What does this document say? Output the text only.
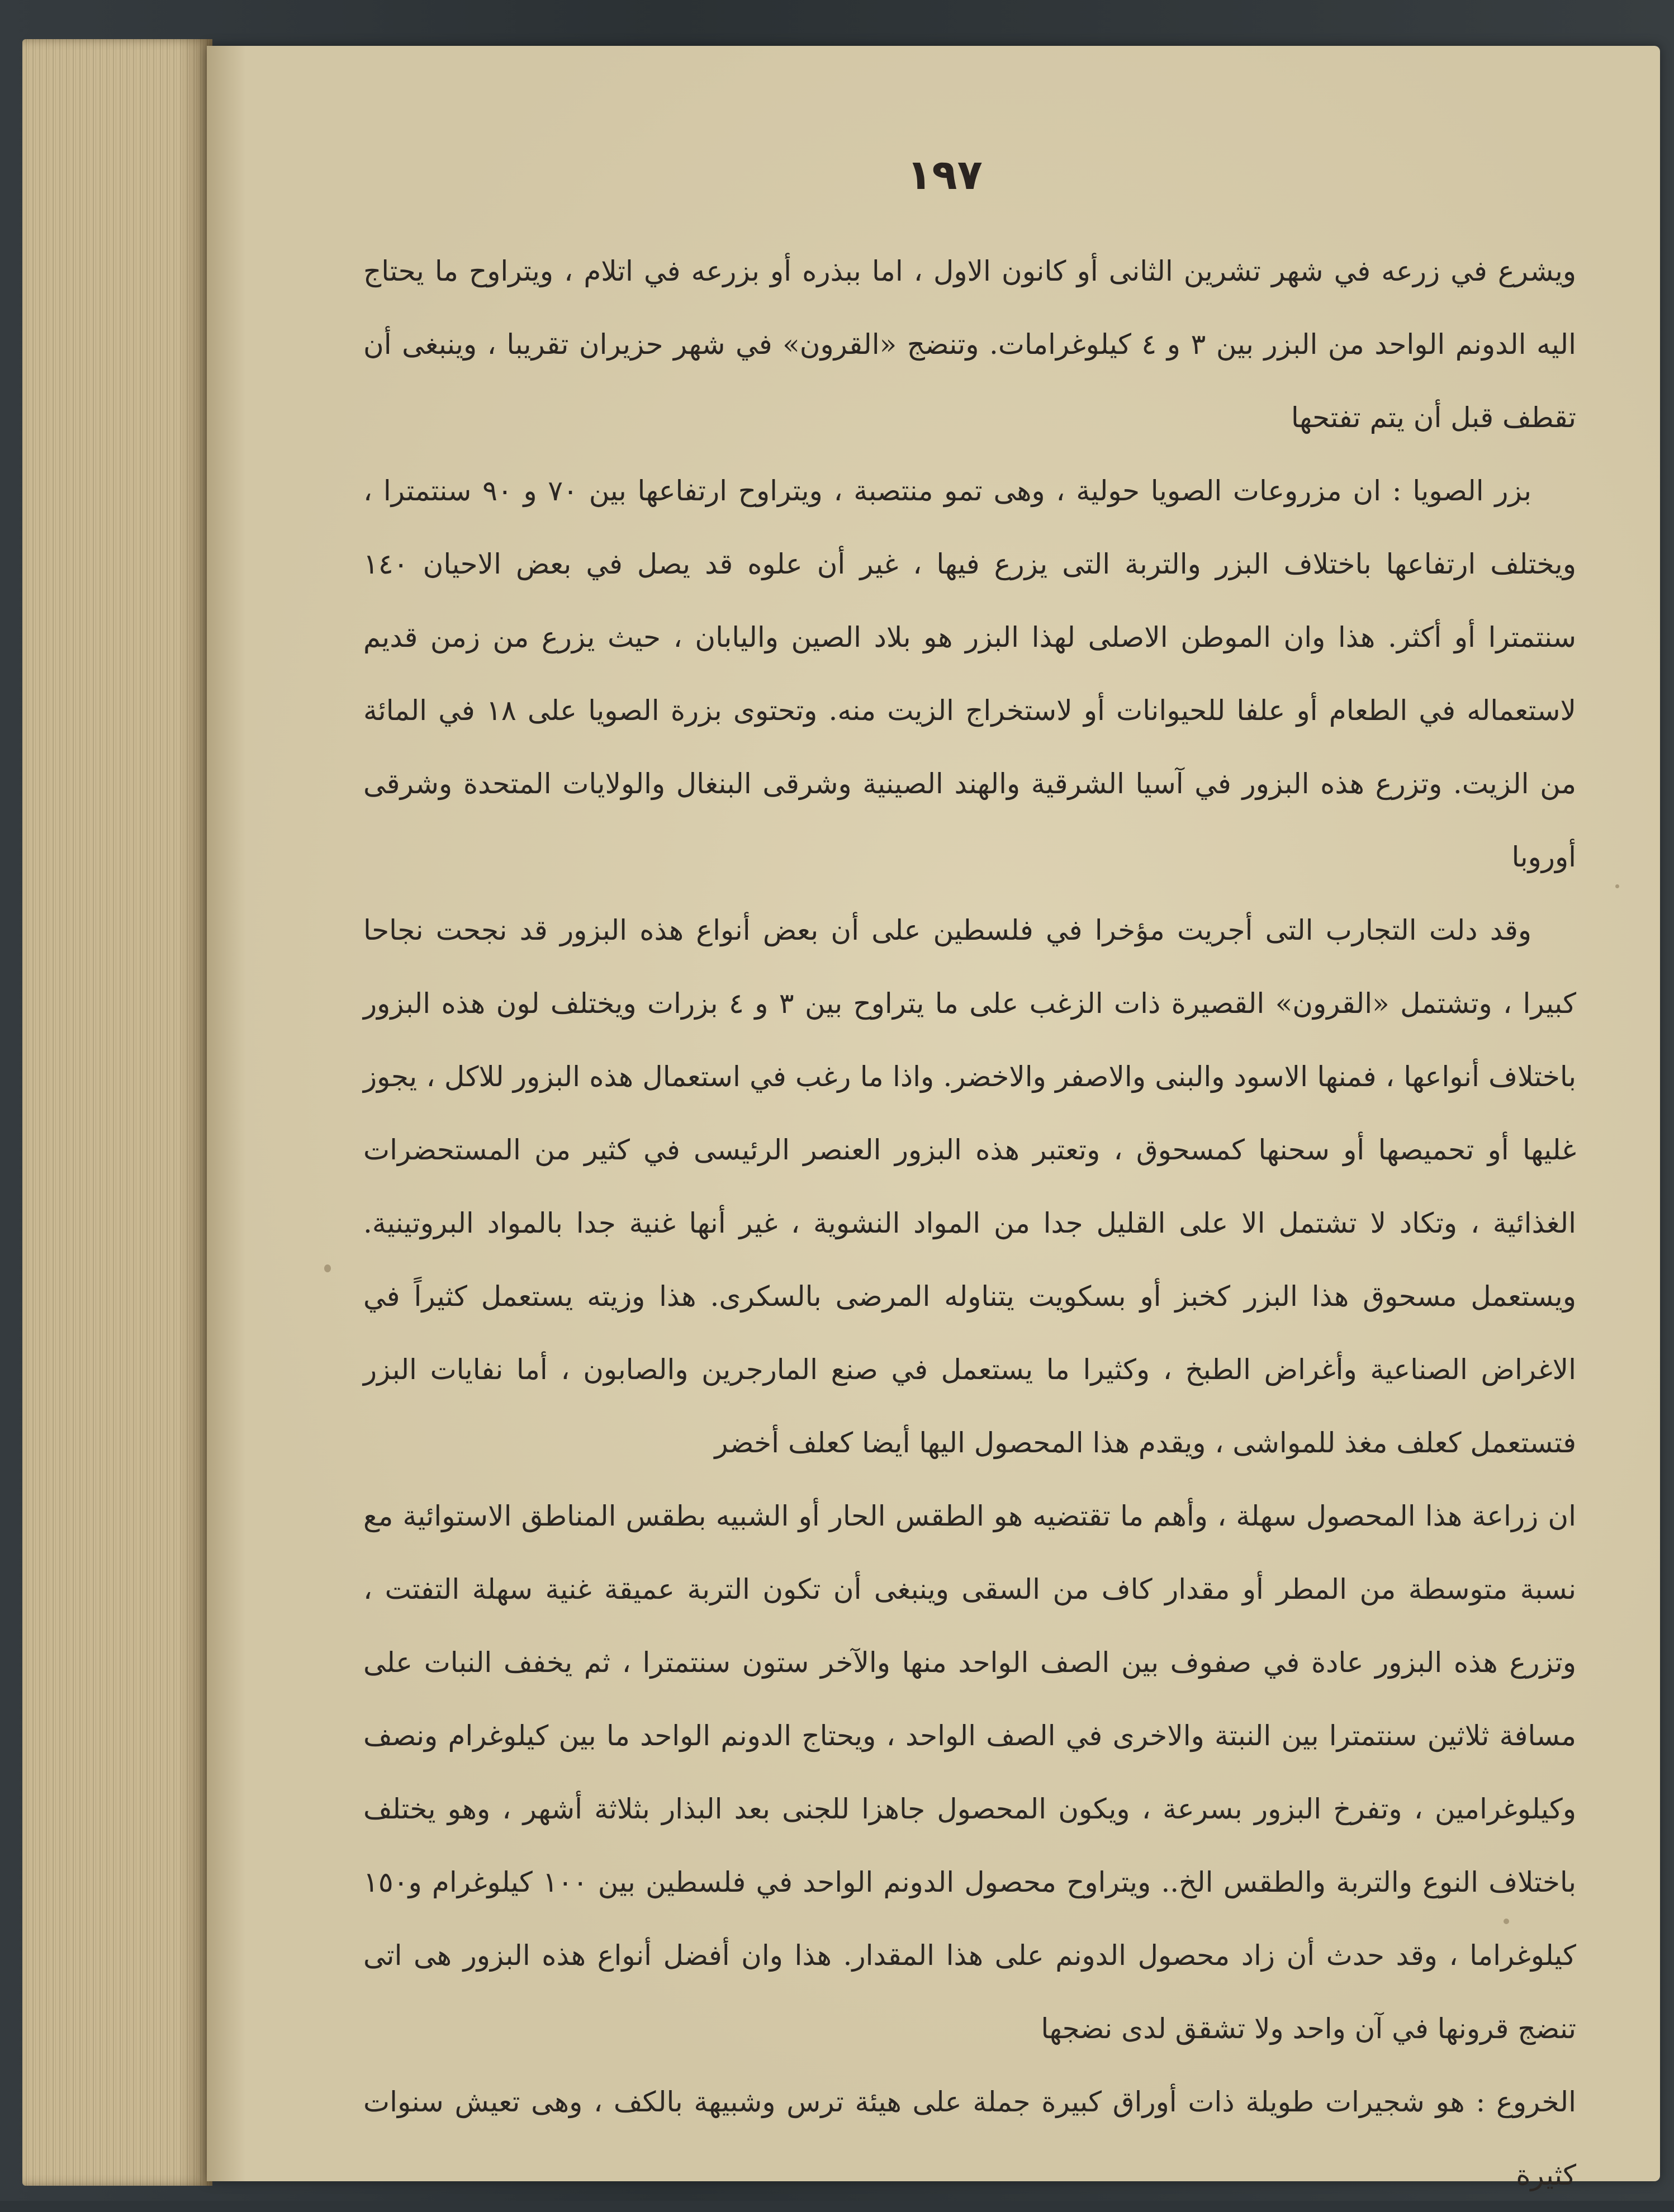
١٩٧

ويشرع في زرعه في شهر تشرين الثانى أو كانون الاول ، اما ببذره أو بزرعه في اتلام ، ويتراوح ما يحتاج اليه الدونم الواحد من البزر بين ٣ و ٤ كيلوغرامات. وتنضج «القرون» في شهر حزيران تقريبا ، وينبغى أن تقطف قبل أن يتم تفتحها

بزر الصويا : ان مزروعات الصويا حولية ، وهى تمو منتصبة ، ويتراوح ارتفاعها بين ٧٠ و ٩٠ سنتمترا ، ويختلف ارتفاعها باختلاف البزر والتربة التى يزرع فيها ، غير أن علوه قد يصل في بعض الاحيان ١٤٠ سنتمترا أو أكثر. هذا وان الموطن الاصلى لهذا البزر هو بلاد الصين واليابان ، حيث يزرع من زمن قديم لاستعماله في الطعام أو علفا للحيوانات أو لاستخراج الزيت منه. وتحتوى بزرة الصويا على ١٨ في المائة من الزيت. وتزرع هذه البزور في آسيا الشرقية والهند الصينية وشرقى البنغال والولايات المتحدة وشرقى أوروبا

وقد دلت التجارب التى أجريت مؤخرا في فلسطين على أن بعض أنواع هذه البزور قد نجحت نجاحا كبيرا ، وتشتمل «القرون» القصيرة ذات الزغب على ما يتراوح بين ٣ و ٤ بزرات ويختلف لون هذه البزور باختلاف أنواعها ، فمنها الاسود والبنى والاصفر والاخضر. واذا ما رغب في استعمال هذه البزور للاكل ، يجوز غليها أو تحميصها أو سحنها كمسحوق ، وتعتبر هذه البزور العنصر الرئيسى في كثير من المستحضرات الغذائية ، وتكاد لا تشتمل الا على القليل جدا من المواد النشوية ، غير أنها غنية جدا بالمواد البروتينية. ويستعمل مسحوق هذا البزر كخبز أو بسكويت يتناوله المرضى بالسكرى. هذا وزيته يستعمل كثيراً في الاغراض الصناعية وأغراض الطبخ ، وكثيرا ما يستعمل في صنع المارجرين والصابون ، أما نفايات البزر فتستعمل كعلف مغذ للمواشى ، ويقدم هذا المحصول اليها أيضا كعلف أخضر

ان زراعة هذا المحصول سهلة ، وأهم ما تقتضيه هو الطقس الحار أو الشبيه بطقس المناطق الاستوائية مع نسبة متوسطة من المطر أو مقدار كاف من السقى وينبغى أن تكون التربة عميقة غنية سهلة التفتت ، وتزرع هذه البزور عادة في صفوف بين الصف الواحد منها والآخر ستون سنتمترا ، ثم يخفف النبات على مسافة ثلاثين سنتمترا بين النبتة والاخرى في الصف الواحد ، ويحتاج الدونم الواحد ما بين كيلوغرام ونصف وكيلوغرامين ، وتفرخ البزور بسرعة ، ويكون المحصول جاهزا للجنى بعد البذار بثلاثة أشهر ، وهو يختلف باختلاف النوع والتربة والطقس الخ.. ويتراوح محصول الدونم الواحد في فلسطين بين ١٠٠ كيلوغرام و١٥٠ كيلوغراما ، وقد حدث أن زاد محصول الدونم على هذا المقدار. هذا وان أفضل أنواع هذه البزور هى اتى تنضج قرونها في آن واحد ولا تشقق لدى نضجها

الخروع : هو شجيرات طويلة ذات أوراق كبيرة جملة على هيئة ترس وشبيهة بالكف ، وهى تعيش سنوات كثيرة
